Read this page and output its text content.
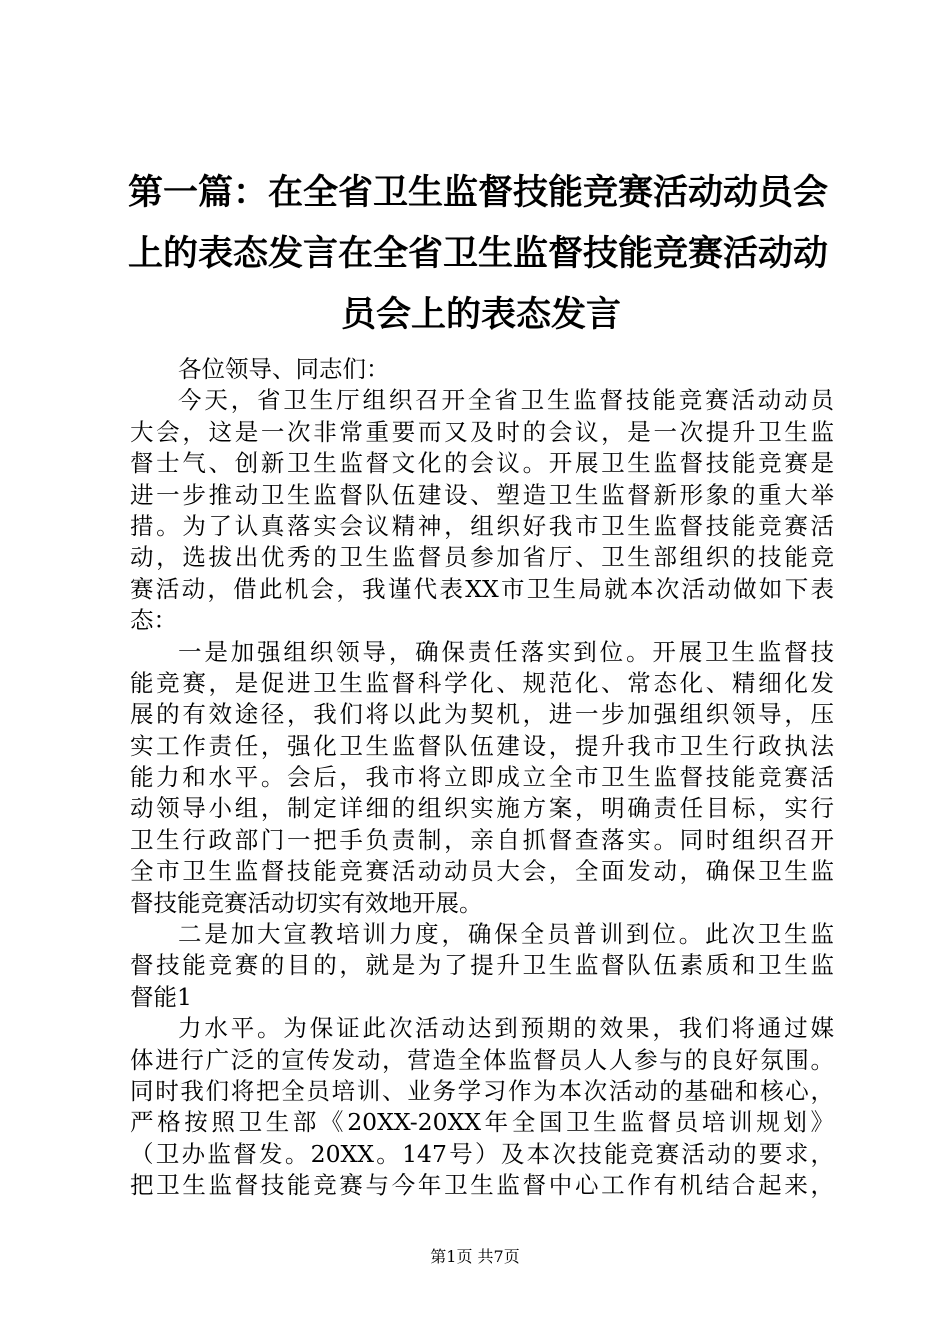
第一篇：在全省卫生监督技能竞赛活动动员会
上的表态发言在全省卫生监督技能竞赛活动动
员会上的表态发言
各位领导、同志们：
今天，省卫生厅组织召开全省卫生监督技能竞赛活动动员
大会，这是一次非常重要而又及时的会议，是一次提升卫生监
督士气、创新卫生监督文化的会议。开展卫生监督技能竞赛是
进一步推动卫生监督队伍建设、塑造卫生监督新形象的重大举
措。为了认真落实会议精神，组织好我市卫生监督技能竞赛活
动，选拔出优秀的卫生监督员参加省厅、卫生部组织的技能竞
赛活动，借此机会，我谨代表XX市卫生局就本次活动做如下表
态：
一是加强组织领导，确保责任落实到位。开展卫生监督技
能竞赛，是促进卫生监督科学化、规范化、常态化、精细化发
展的有效途径，我们将以此为契机，进一步加强组织领导，压
实工作责任，强化卫生监督队伍建设，提升我市卫生行政执法
能力和水平。会后，我市将立即成立全市卫生监督技能竞赛活
动领导小组，制定详细的组织实施方案，明确责任目标，实行
卫生行政部门一把手负责制，亲自抓督查落实。同时组织召开
全市卫生监督技能竞赛活动动员大会，全面发动，确保卫生监
督技能竞赛活动切实有效地开展。
二是加大宣教培训力度，确保全员普训到位。此次卫生监
督技能竞赛的目的，就是为了提升卫生监督队伍素质和卫生监
督能1
力水平。为保证此次活动达到预期的效果，我们将通过媒
体进行广泛的宣传发动，营造全体监督员人人参与的良好氛围。
同时我们将把全员培训、业务学习作为本次活动的基础和核心，
严格按照卫生部《20XX-20XX年全国卫生监督员培训规划》
（卫办监督发。20XX。147号）及本次技能竞赛活动的要求，
把卫生监督技能竞赛与今年卫生监督中心工作有机结合起来，
第1页 共7页
